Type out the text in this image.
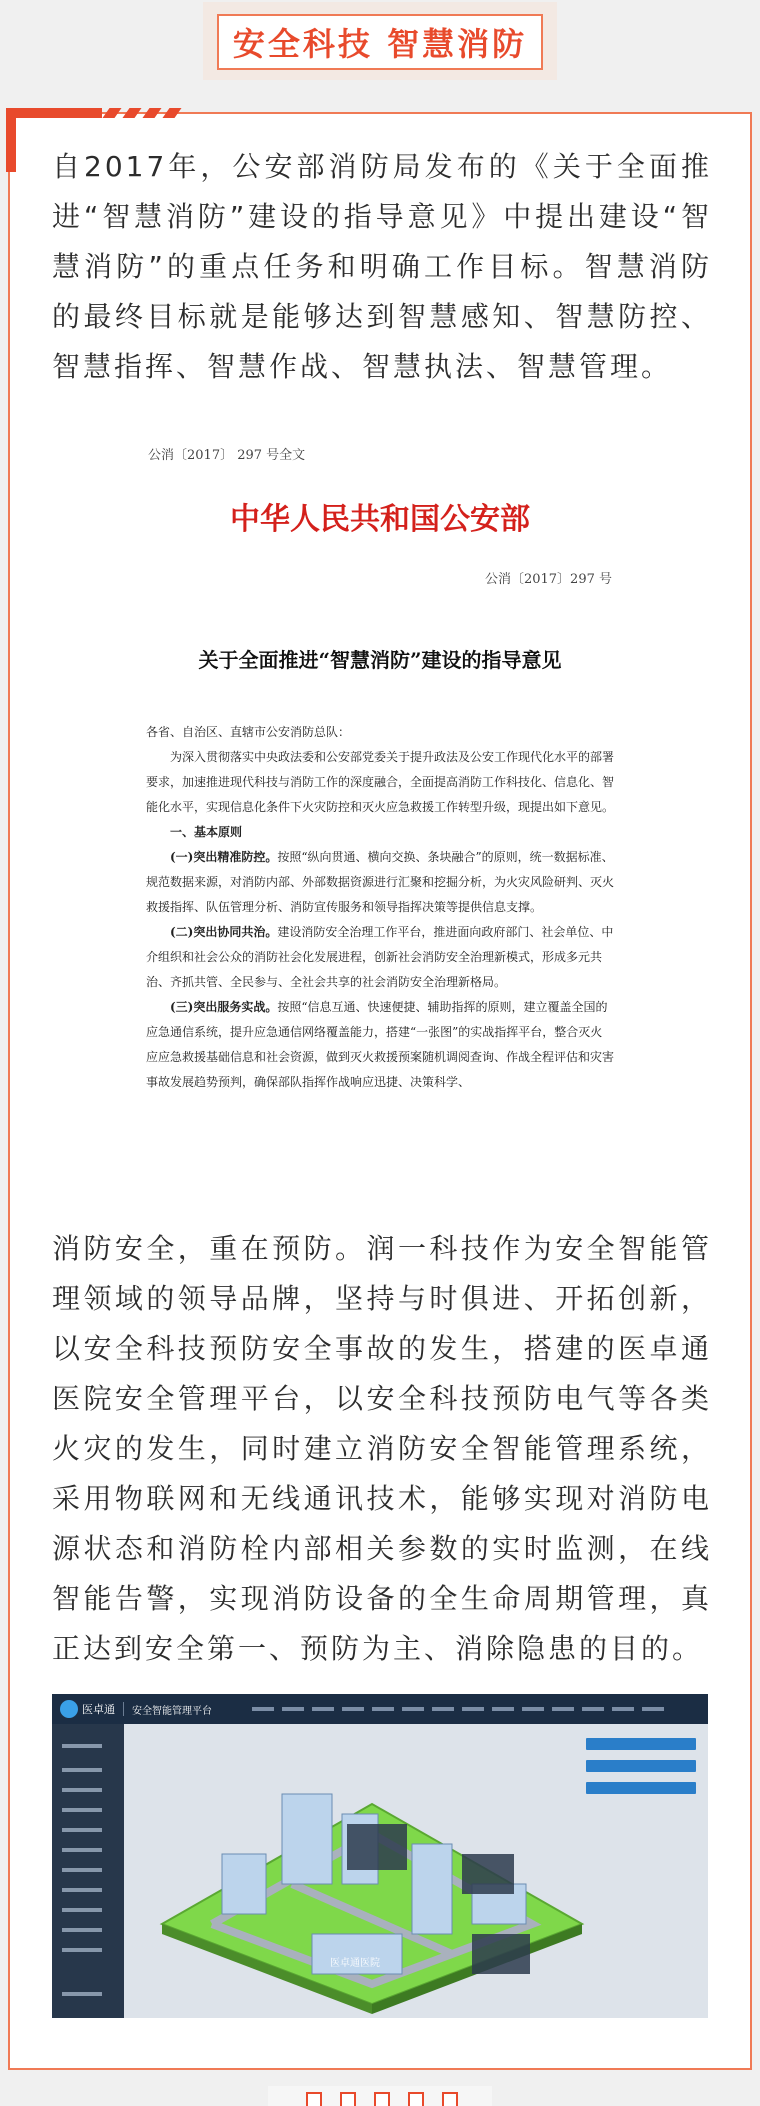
安全科技 智慧消防
自2017年，公安部消防局发布的《关于全面推进“智慧消防”建设的指导意见》中提出建设“智慧消防”的重点任务和明确工作目标。智慧消防的最终目标就是能够达到智慧感知、智慧防控、智慧指挥、智慧作战、智慧执法、智慧管理。
公消〔2017〕 297 号全文
中华人民共和国公安部
公消〔2017〕297 号
关于全面推进“智慧消防”建设的指导意见

各省、自治区、直辖市公安消防总队：

为深入贯彻落实中央政法委和公安部党委关于提升政法及公安工作现代化水平的部署要求，加速推进现代科技与消防工作的深度融合，全面提高消防工作科技化、信息化、智能化水平，实现信息化条件下火灾防控和灭火应急救援工作转型升级，现提出如下意见。

一、基本原则

(一)突出精准防控。按照“纵向贯通、横向交换、条块融合”的原则，统一数据标准、规范数据来源，对消防内部、外部数据资源进行汇聚和挖掘分析，为火灾风险研判、灭火救援指挥、队伍管理分析、消防宣传服务和领导指挥决策等提供信息支撑。

(二)突出协同共治。建设消防安全治理工作平台，推进面向政府部门、社会单位、中介组织和社会公众的消防社会化发展进程，创新社会消防安全治理新模式，形成多元共治、齐抓共管、全民参与、全社会共享的社会消防安全治理新格局。

(三)突出服务实战。按照“信息互通、快速便捷、辅助指挥的原则，建立覆盖全国的应急通信系统，提升应急通信网络覆盖能力，搭建“一张图”的实战指挥平台，整合灭火应应急救援基础信息和社会资源，做到灭火救援预案随机调阅查询、作战全程评估和灾害事故发展趋势预判，确保部队指挥作战响应迅捷、决策科学、

消防安全，重在预防。润一科技作为安全智能管理领域的领导品牌，坚持与时俱进、开拓创新，以安全科技预防安全事故的发生，搭建的医卓通医院安全管理平台，以安全科技预防电气等各类火灾的发生，同时建立消防安全智能管理系统，采用物联网和无线通讯技术，能够实现对消防电源状态和消防栓内部相关参数的实时监测，在线智能告警，实现消防设备的全生命周期管理，真正达到安全第一、预防为主、消除隐患的目的。
医卓通 安全智能管理平台
医卓通医院
